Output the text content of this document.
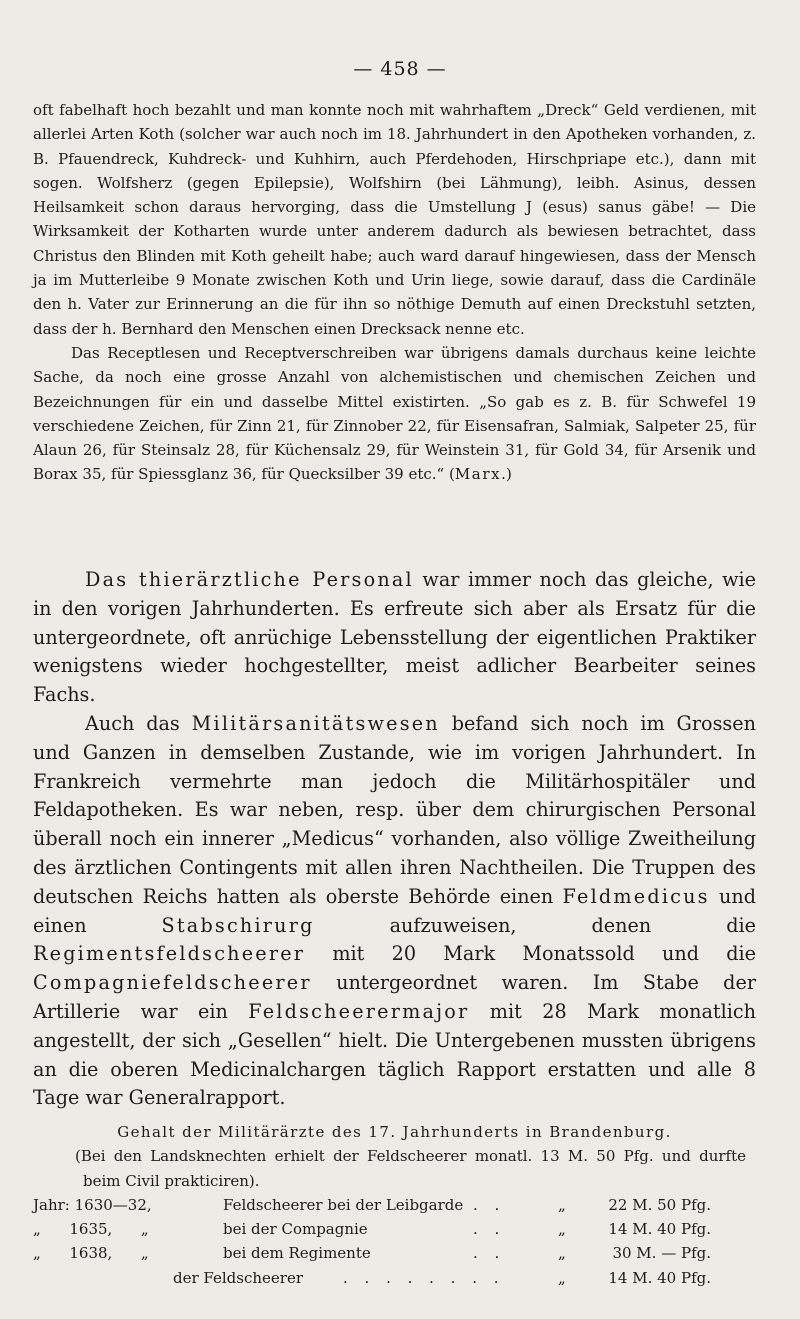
— 458 —

oft fabelhaft hoch bezahlt und man konnte noch mit wahrhaftem „Dreck“ Geld verdienen, mit allerlei Arten Koth (solcher war auch noch im 18. Jahrhundert in den Apotheken vorhanden, z. B. Pfauendreck, Kuhdreck- und Kuhhirn, auch Pferdehoden, Hirschpriape etc.), dann mit sogen. Wolfsherz (gegen Epilepsie), Wolfshirn (bei Lähmung), leibh. Asinus, dessen Heilsamkeit schon daraus hervorging, dass die Umstellung J (esus) sanus gäbe! — Die Wirksamkeit der Kotharten wurde unter anderem dadurch als bewiesen betrachtet, dass Christus den Blinden mit Koth geheilt habe; auch ward darauf hingewiesen, dass der Mensch ja im Mutterleibe 9 Monate zwischen Koth und Urin liege, sowie darauf, dass die Cardinäle den h. Vater zur Erinnerung an die für ihn so nöthige Demuth auf einen Dreckstuhl setzten, dass der h. Bernhard den Menschen einen Drecksack nenne etc.

Das Receptlesen und Receptverschreiben war übrigens damals durchaus keine leichte Sache, da noch eine grosse Anzahl von alchemistischen und chemischen Zeichen und Bezeichnungen für ein und dasselbe Mittel existirten. „So gab es z. B. für Schwefel 19 verschiedene Zeichen, für Zinn 21, für Zinnober 22, für Eisensafran, Salmiak, Salpeter 25, für Alaun 26, für Steinsalz 28, für Küchensalz 29, für Weinstein 31, für Gold 34, für Arsenik und Borax 35, für Spiessglanz 36, für Quecksilber 39 etc.“ (Marx.)

Das thierärztliche Personal war immer noch das gleiche, wie in den vorigen Jahrhunderten. Es erfreute sich aber als Ersatz für die untergeordnete, oft anrüchige Lebensstellung der eigentlichen Praktiker wenigstens wieder hochgestellter, meist adlicher Bearbeiter seines Fachs.

Auch das Militärsanitätswesen befand sich noch im Grossen und Ganzen in demselben Zustande, wie im vorigen Jahrhundert. In Frankreich vermehrte man jedoch die Militärhospitäler und Feldapotheken. Es war neben, resp. über dem chirurgischen Personal überall noch ein innerer „Medicus“ vorhanden, also völlige Zweitheilung des ärztlichen Contingents mit allen ihren Nachtheilen. Die Truppen des deutschen Reichs hatten als oberste Behörde einen Feldmedicus und einen Stabschirurg aufzuweisen, denen die Regimentsfeldscheerer mit 20 Mark Monatssold und die Compagniefeldscheerer untergeordnet waren. Im Stabe der Artillerie war ein Feldscheerermajor mit 28 Mark monatlich angestellt, der sich „Gesellen“ hielt. Die Untergebenen mussten übrigens an die oberen Medicinalchargen täglich Rapport erstatten und alle 8 Tage war Generalrapport.

Gehalt der Militärärzte des 17. Jahrhunderts in Brandenburg.
(Bei den Landsknechten erhielt der Feldscheerer monatl. 13 M. 50 Pfg. und durfte beim Civil prakticiren).
Jahr: 1630—32,	Feldscheerer bei der Leibgarde . .	„	22 M. 50 Pfg.
„      1635,      „	bei der Compagnie	. .	„	14 M. 40 Pfg.
„      1638,      „	bei dem Regimente	. .	„	30 M. — Pfg.
der Feldscheerer	. . . . . . . .	„	14 M. 40 Pfg.
